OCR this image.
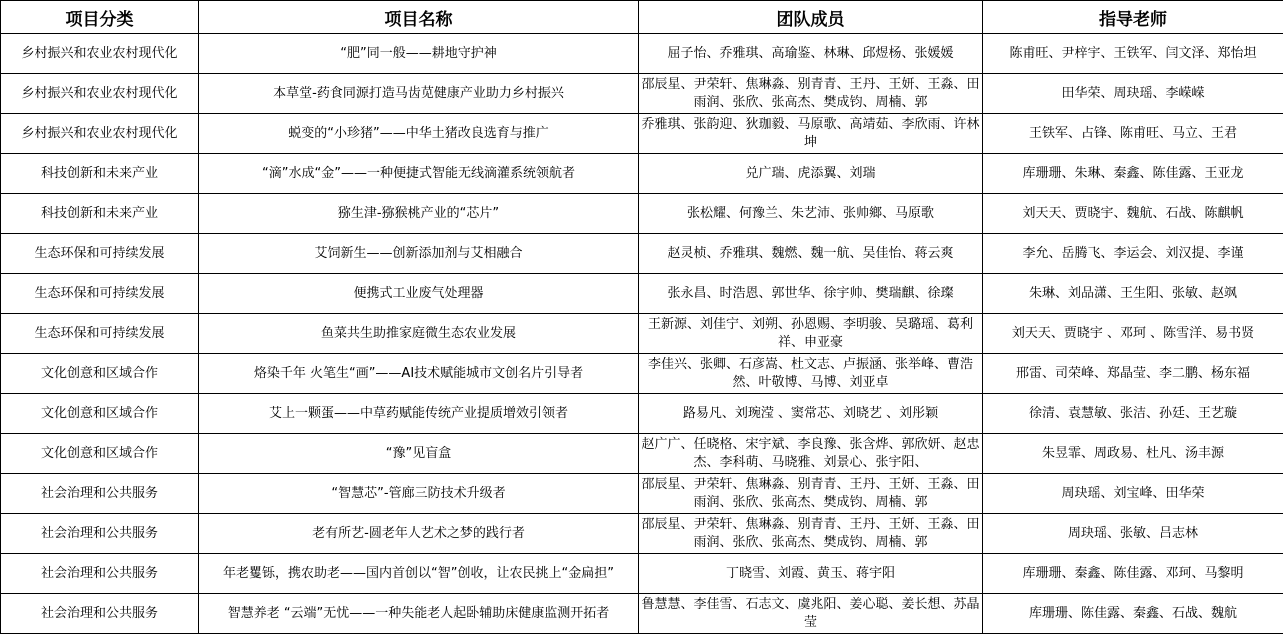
项目分类	项目名称	团队成员	指导老师
乡村振兴和农业农村现代化	“肥”同一般——耕地守护神	屈子怡、乔雅琪、高瑜鉴、林琳、邱煜杨、张媛媛	陈甫旺、尹梓宇、王铁军、闫文泽、郑怡坦
乡村振兴和农业农村现代化	本草堂-药食同源打造马齿苋健康产业助力乡村振兴	邵辰星、尹荣轩、焦琳淼、别青青、王丹、王妍、王淼、田雨润、张欣、张高杰、樊成钧、周楠、郭	田华荣、周玦瑶、李嵘嵘
乡村振兴和农业农村现代化	蜕变的“小珍猪”——中华土猪改良选育与推广	乔雅琪、张韵迎、狄珈毅、马原歌、高靖茹、李欣雨、许林坤	王铁军、占锋、陈甫旺、马立、王君
科技创新和未来产业	“滴”水成“金”——一种便捷式智能无线滴灌系统领航者	兑广瑞、虎添翼、刘瑞	库珊珊、朱琳、秦鑫、陈佳露、王亚龙
科技创新和未来产业	猕生津-猕猴桃产业的“芯片”	张松耀、何豫兰、朱艺沛、张帅鄉、马原歌	刘天天、贾晓宇、魏航、石战、陈麒帆
生态环保和可持续发展	艾饲新生——创新添加剂与艾相融合	赵灵桢、乔雅琪、魏燃、魏一航、吴佳怡、蒋云爽	李允、岳腾飞、李运会、刘汉提、李谨
生态环保和可持续发展	便携式工业废气处理器	张永昌、时浩恩、郭世华、徐宇帅、樊瑞麒、徐璨	朱琳、刘品潇、王生阳、张敏、赵飒
生态环保和可持续发展	鱼菜共生助推家庭微生态农业发展	王新源、刘佳宁、刘朔、孙恩赐、李明骏、吴璐瑶、葛利祥、申亚豪	刘天天、贾晓宇 、邓珂 、陈雪洋、易书贤
文化创意和区域合作	烙染千年 火笔生“画”——AI技术赋能城市文创名片引导者	李佳兴、张卿、石彦嵩、杜文志、卢振涵、张举峰、曹浩然、叶敬博、马博、刘亚卓	邢雷、司荣峰、郑晶莹、李二鹏、杨东福
文化创意和区域合作	艾上一颗蛋——中草药赋能传统产业提质增效引领者	路易凡、刘琬滢 、窦常芯、刘晓艺 、刘彤颖	徐清、袁慧敏、张洁、孙廷、王艺璇
文化创意和区域合作	“豫”见盲盒	赵广广、任晓格、宋宇斌、李良豫、张含烨、郭欣妍、赵忠杰、李科萌、马晓雅、刘景心、张宇阳、	朱昱霏、周政易、杜凡、汤丰源
社会治理和公共服务	“智慧芯”-管廊三防技术升级者	邵辰星、尹荣轩、焦琳淼、别青青、王丹、王妍、王淼、田雨润、张欣、张高杰、樊成钧、周楠、郭	周玦瑶、刘宝峰、田华荣
社会治理和公共服务	老有所艺-圆老年人艺术之梦的践行者	邵辰星、尹荣轩、焦琳淼、别青青、王丹、王妍、王淼、田雨润、张欣、张高杰、樊成钧、周楠、郭	周玦瑶、张敏、吕志林
社会治理和公共服务	年老矍铄，携农助老——国内首创以“智”创收，让农民挑上“金扁担”	丁晓雪、刘霞、黄玉、蒋宇阳	库珊珊、秦鑫、陈佳露、邓珂、马黎明
社会治理和公共服务	智慧养老 “云端”无忧——一种失能老人起卧辅助床健康监测开拓者	鲁慧慧、李佳雪、石志文、虞兆阳、姜心聪、姜长想、苏晶莹	库珊珊、陈佳露、秦鑫、石战、魏航
